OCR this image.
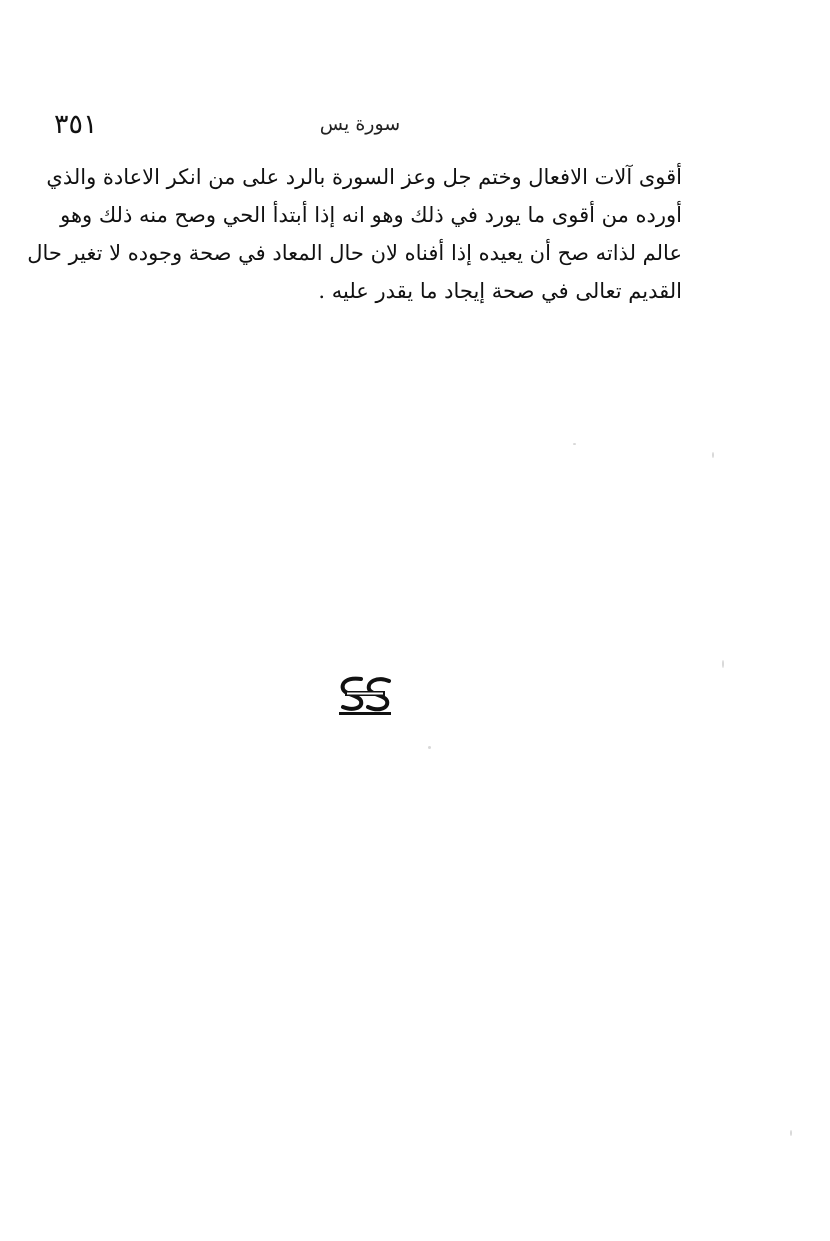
٣٥١	سورة يس
أقوى آلات الافعال وختم جل وعز السورة بالرد على من انكر الاعادة والذي
أورده من أقوى ما يورد في ذلك وهو انه إذا أبتدأ الحي وصح منه ذلك وهو
عالم لذاته صح أن يعيده إذا أفناه لان حال المعاد في صحة وجوده لا تغير حال
القديم تعالى في صحة إيجاد ما يقدر عليه .
